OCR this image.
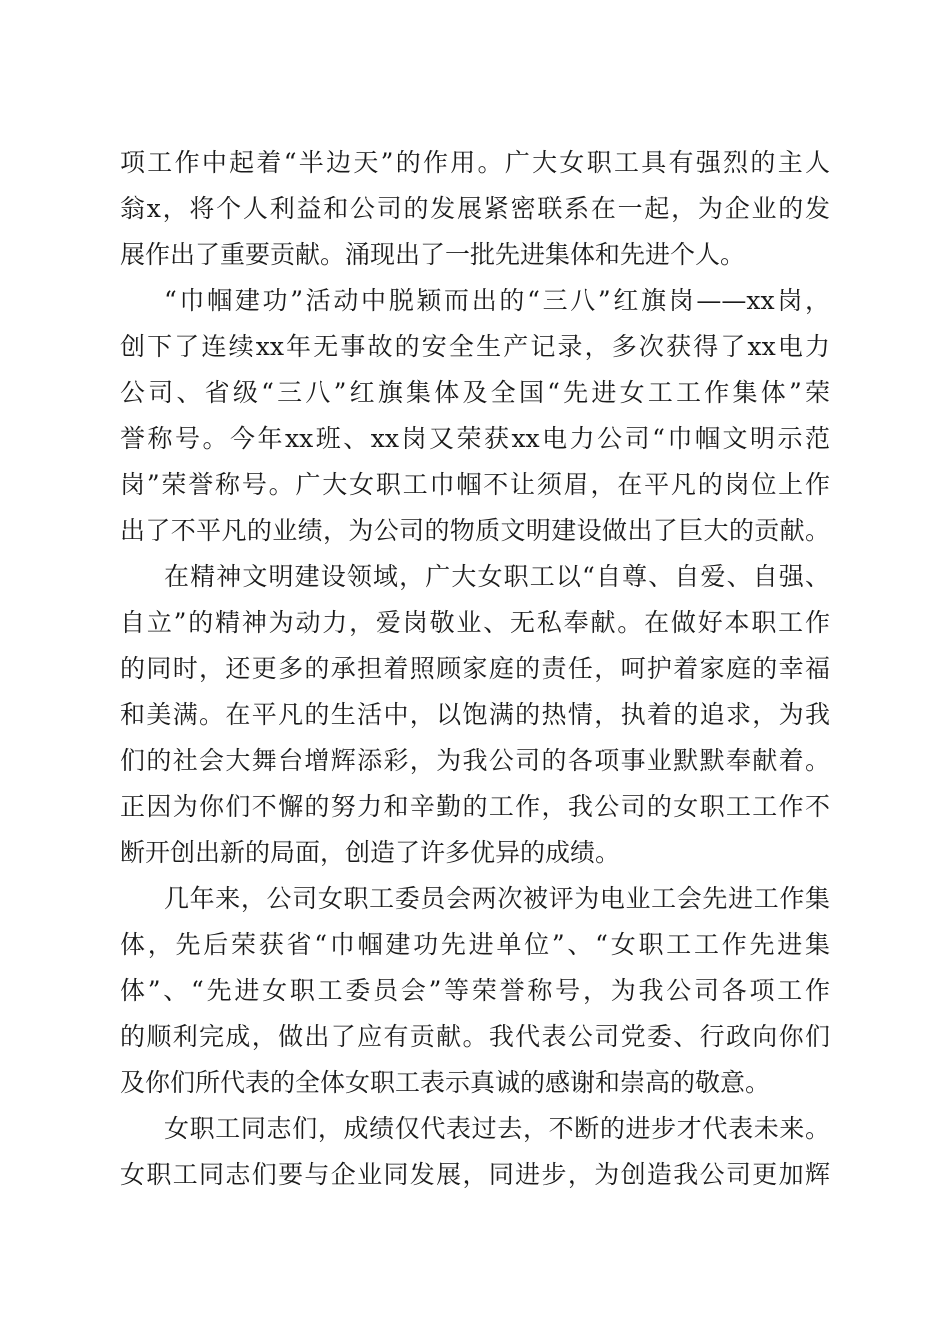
项工作中起着“半边天”的作用。广大女职工具有强烈的主人
翁x，将个人利益和公司的发展紧密联系在一起，为企业的发
展作出了重要贡献。涌现出了一批先进集体和先进个人。
“巾帼建功”活动中脱颖而出的“三八”红旗岗——xx岗，
创下了连续xx年无事故的安全生产记录，多次获得了xx电力
公司、省级“三八”红旗集体及全国“先进女工工作集体”荣
誉称号。今年xx班、xx岗又荣获xx电力公司“巾帼文明示范
岗”荣誉称号。广大女职工巾帼不让须眉，在平凡的岗位上作
出了不平凡的业绩，为公司的物质文明建设做出了巨大的贡献。
在精神文明建设领域，广大女职工以“自尊、自爱、自强、
自立”的精神为动力，爱岗敬业、无私奉献。在做好本职工作
的同时，还更多的承担着照顾家庭的责任，呵护着家庭的幸福
和美满。在平凡的生活中，以饱满的热情，执着的追求，为我
们的社会大舞台增辉添彩，为我公司的各项事业默默奉献着。
正因为你们不懈的努力和辛勤的工作，我公司的女职工工作不
断开创出新的局面，创造了许多优异的成绩。
几年来，公司女职工委员会两次被评为电业工会先进工作集
体，先后荣获省“巾帼建功先进单位”、“女职工工作先进集
体”、“先进女职工委员会”等荣誉称号，为我公司各项工作
的顺利完成，做出了应有贡献。我代表公司党委、行政向你们
及你们所代表的全体女职工表示真诚的感谢和崇高的敬意。
女职工同志们，成绩仅代表过去，不断的进步才代表未来。
女职工同志们要与企业同发展，同进步，为创造我公司更加辉
